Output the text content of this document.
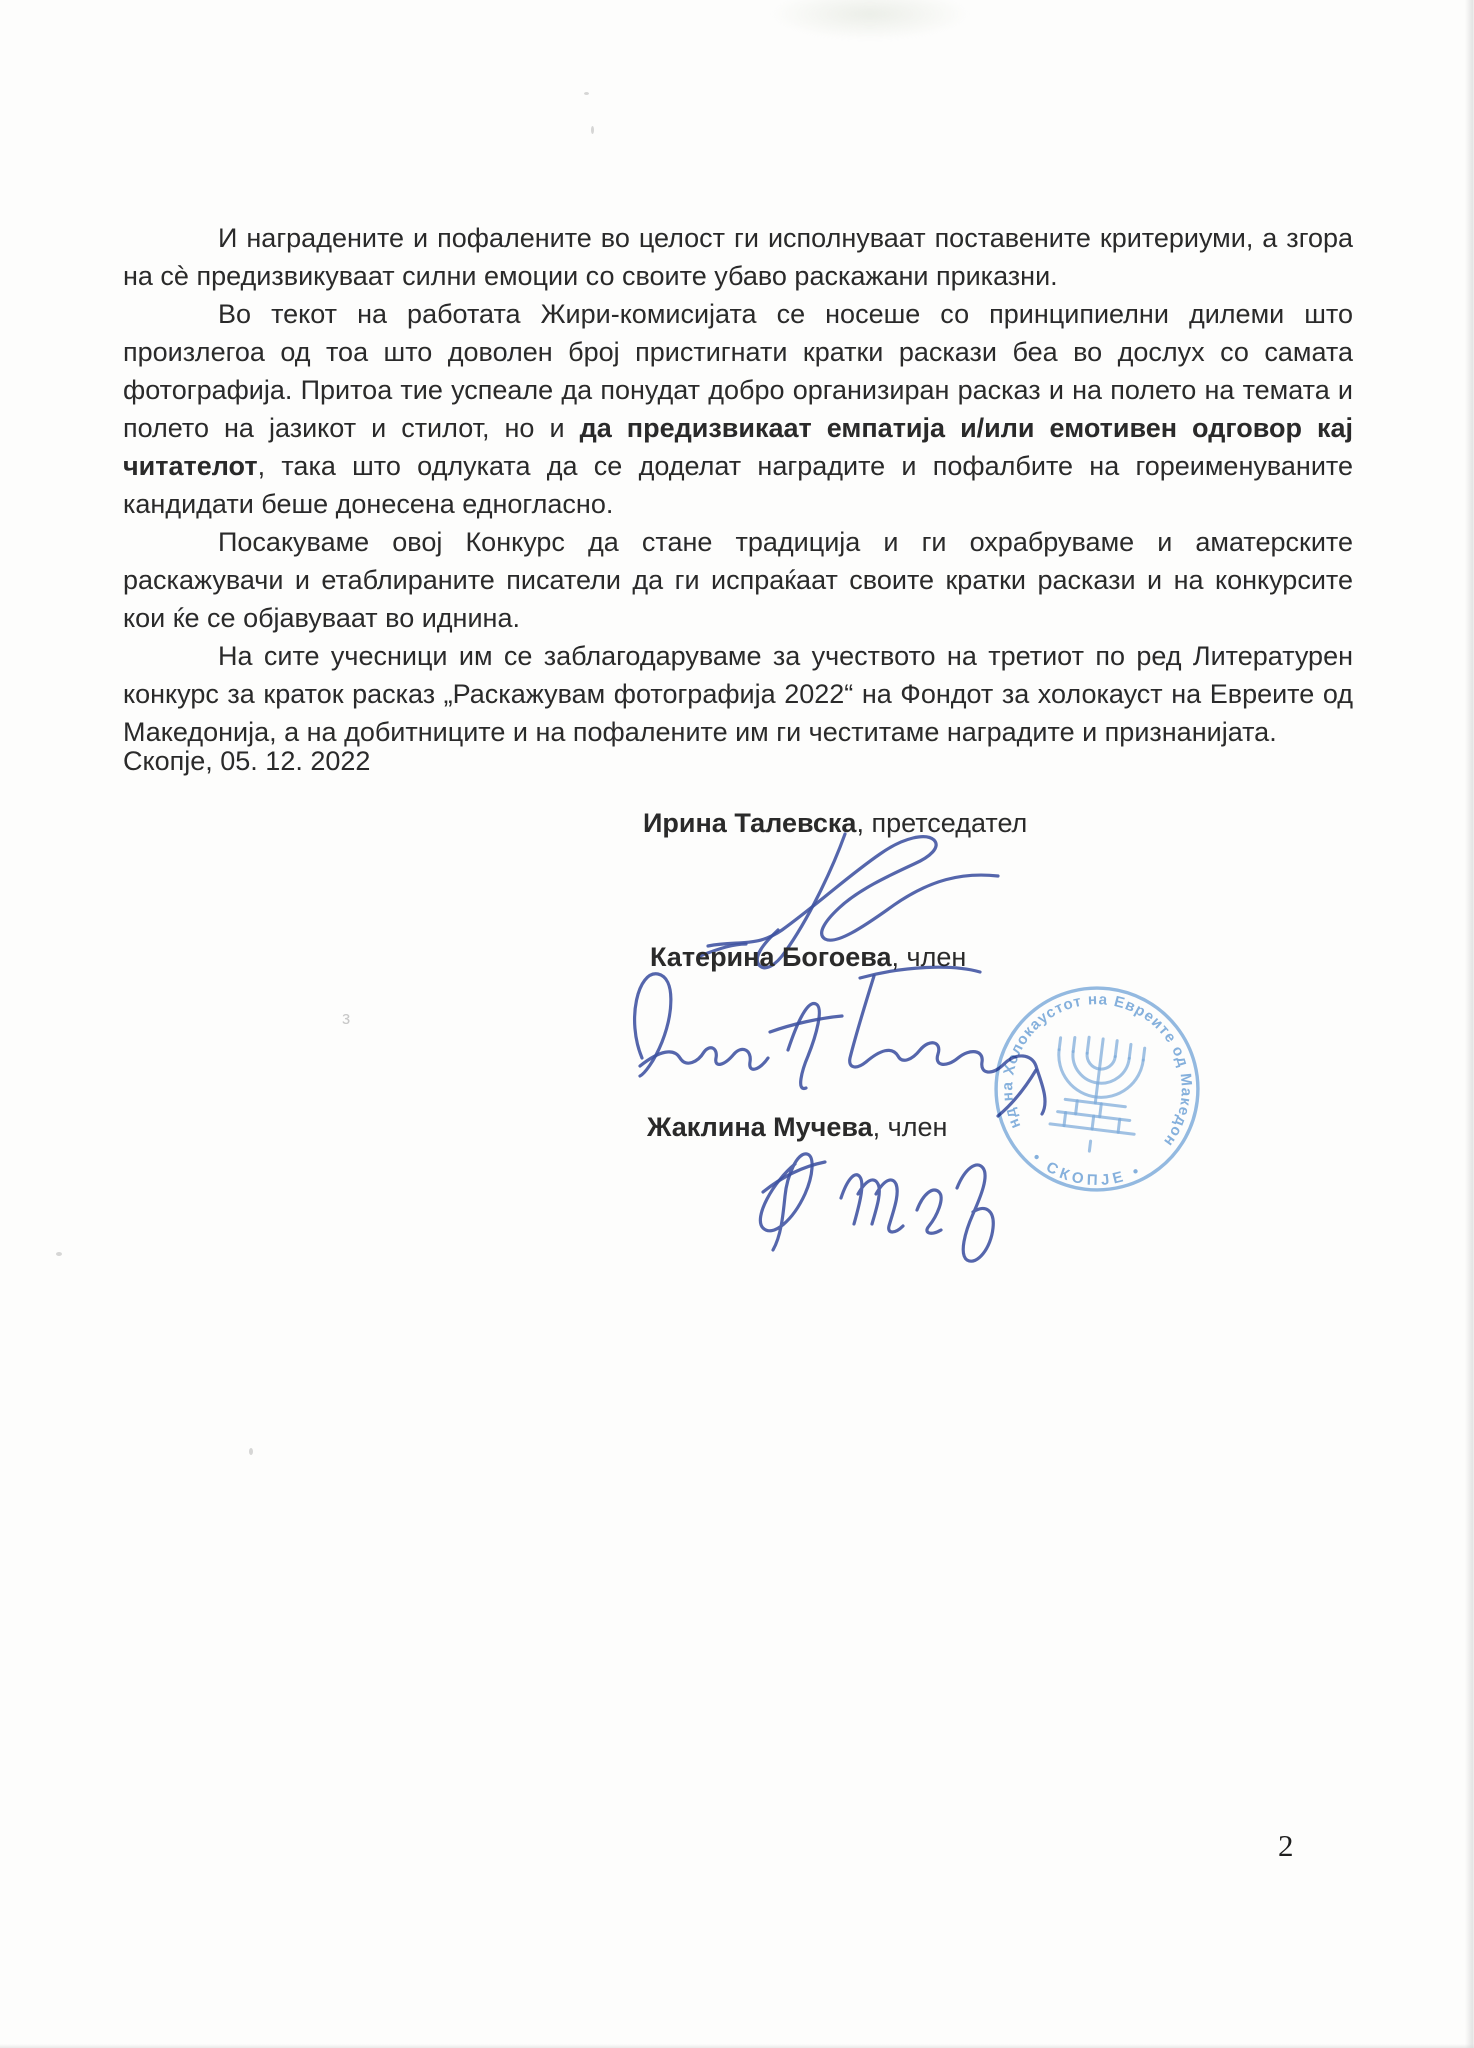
з

И наградените и пофалените во целост ги исполнуваат поставените критериуми, а згора на сѐ предизвикуваат силни емоции со своите убаво раскажани приказни.

Во текот на работата Жири-комисијата се носеше со принципиелни дилеми што произлегоа од тоа што доволен број пристигнати кратки раскази беа во дослух со самата фотографија. Притоа тие успеале да понудат добро организиран расказ и на полето на темата и полето на јазикот и стилот, но и да предизвикаат емпатија и/или емотивен одговор кај читателот, така што одлуката да се доделат наградите и пофалбите на гореименуваните кандидати беше донесена едногласно.

Посакуваме овој Конкурс да стане традиција и ги охрабруваме и аматерските раскажувачи и етаблираните писатели да ги испраќаат своите кратки раскази и на конкурсите кои ќе се објавуваат во иднина.

На сите учесници им се заблагодаруваме за учеството на третиот по ред Литературен конкурс за краток расказ „Раскажувам фотографија 2022“ на Фондот за холокауст на Евреите од Македонија, а на добитниците и на пофалените им ги честитаме наградите и признанијата.

Скопје, 05. 12. 2022
Ирина Талевска, претседател
Катерина Богоева, член
Фонд на Холокаустот на Евреите од Македонија
• СКОПЈЕ •
Жаклина Мучева, член
2
